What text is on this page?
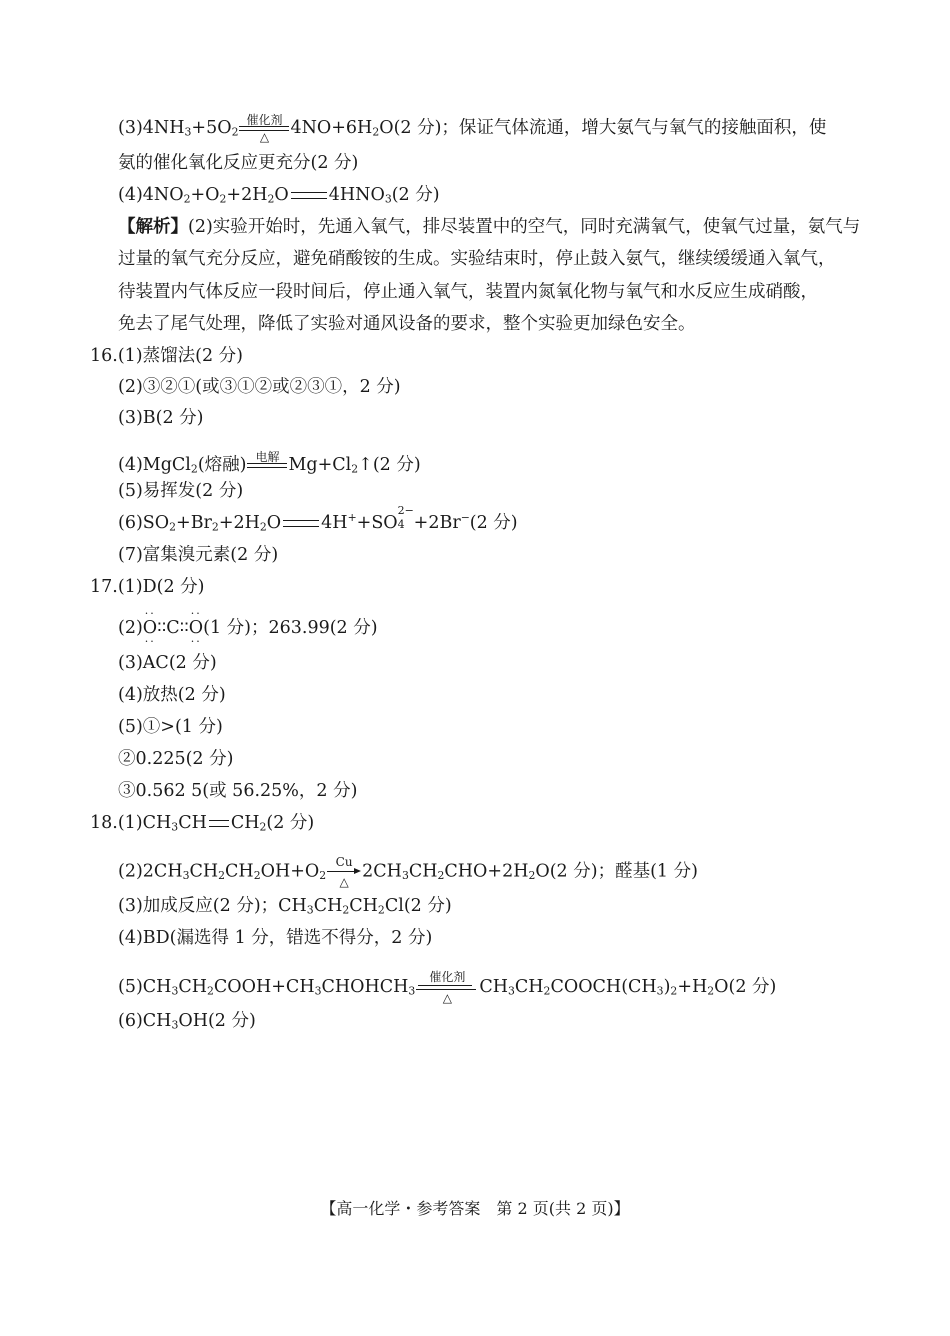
$(3)4NH_3+5O_2$
催化剂
△	$4NO+6H_2O(2$ 分)；保证气体流通，增大氨气与氧气的接触面积，使
氨的催化氧化反应更充分(2 分)
$(4)4NO_2+O_2+2H_2O$ $4HNO_3(2$ 分)
【解析】(2)实验开始时，先通入氧气，排尽装置中的空气，同时充满氧气，使氧气过量，氨气与
过量的氧气充分反应，避免硝酸铵的生成。实验结束时，停止鼓入氨气，继续缓缓通入氧气，
待装置内气体反应一段时间后，停止通入氧气，装置内氮氧化物与氧气和水反应生成硝酸，
免去了尾气处理，降低了实验对通风设备的要求，整个实验更加绿色安全。
16.(1)蒸馏法(2 分)
(2)③②①(或③①②或②③①，2 分)
(3)B(2 分)
(4)MgCl$_2$(熔融) 电解 $Mg+Cl_2↑(2$ 分)
(5)易挥发(2 分)
$(6)SO_2+Br_2+2H_2O$ 4H++SO
2−
4 +2Br−(2 分)
(7)富集溴元素(2 分)
17.(1)D(2 分)
(2)
··
O
··
∶∶C∶∶
··
O
··
(1 分)；263.99(2 分)
(3)AC(2 分)
(4)放热(2 分)
(5)①>(1 分)
②0.225(2 分)
③0.562 5(或 56.25%，2 分)
$18.(1)CH_3CH$ $CH_2(2$ 分)
$(2)2CH_3CH_2CH_2OH+O_2$
Cu
△
$2CH_3CH_2CHO+2H_2O(2$ 分)；醛基(1 分)
(3)加成反应(2 分)；$CH_3CH_2CH_2Cl(2$ 分)
(4)BD(漏选得 1 分，错选不得分，2 分)
$(5)CH_3CH_2COOH+CH_3CHOHCH_3$
催化剂
△
$CH_3CH_2COOCH(CH_3)_2+H_2O(2$ 分)
$(6)CH_3OH(2$ 分)
【高一化学・参考答案　第 2 页(共 2 页)】
